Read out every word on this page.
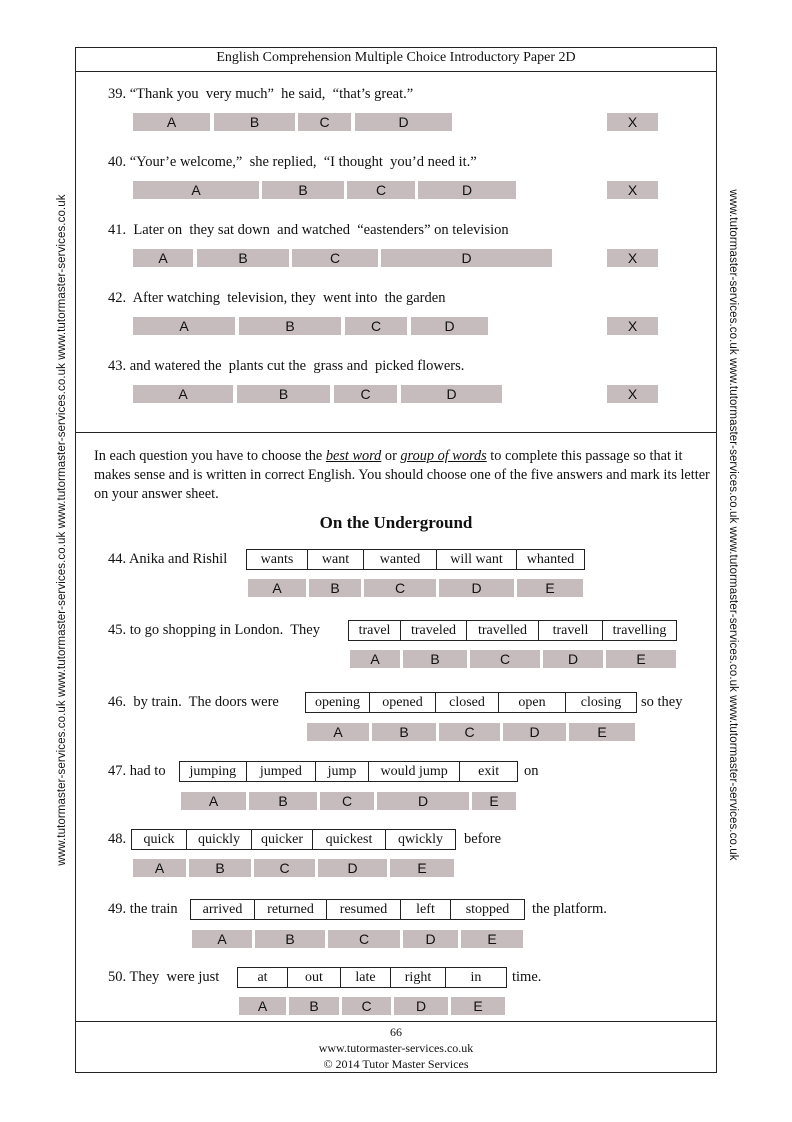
English Comprehension Multiple Choice Introductory Paper 2D
www.tutormaster-services.co.uk www.tutormaster-services.co.uk www.tutormaster-services.co.uk www.tutormaster-services.co.uk	www.tutormaster-services.co.uk www.tutormaster-services.co.uk www.tutormaster-services.co.uk www.tutormaster-services.co.uk
39. “Thank you  very much”  he said,  “that’s great.”
A	B	C	D	X
40. “Your’e welcome,”  she replied,  “I thought  you’d need it.”
A	B	C	D	X
41.  Later on  they sat down  and watched  “eastenders” on television
A	B	C	D	X
42.  After watching  television, they  went into  the garden
A	B	C	D	X
43. and watered the  plants cut the  grass and  picked flowers.
A	B	C	D	X
In each question you have to choose the best word or group of words to complete this passage so that it makes sense and is written in correct English. You should choose one of the five answers and mark its letter on your answer sheet.
On the Underground
44. Anika and Rishil	wants	want	wanted	will want	whanted
A	B	C	D	E
45. to go shopping in London.  They	travel	traveled	travelled	travell	travelling
A	B	C	D	E
46.  by train.  The doors were	opening	opened	closed	open	closing	so they
A	B	C	D	E
47. had to	jumping	jumped	jump	would jump	exit	on
A	B	C	D	E
48.	quick	quickly	quicker	quickest	qwickly	before
A	B	C	D	E
49. the train	arrived	returned	resumed	left	stopped	the platform.
A	B	C	D	E
50. They  were just	at	out	late	right	in	time.
A	B	C	D	E
66
www.tutormaster-services.co.uk
© 2014 Tutor Master Services
